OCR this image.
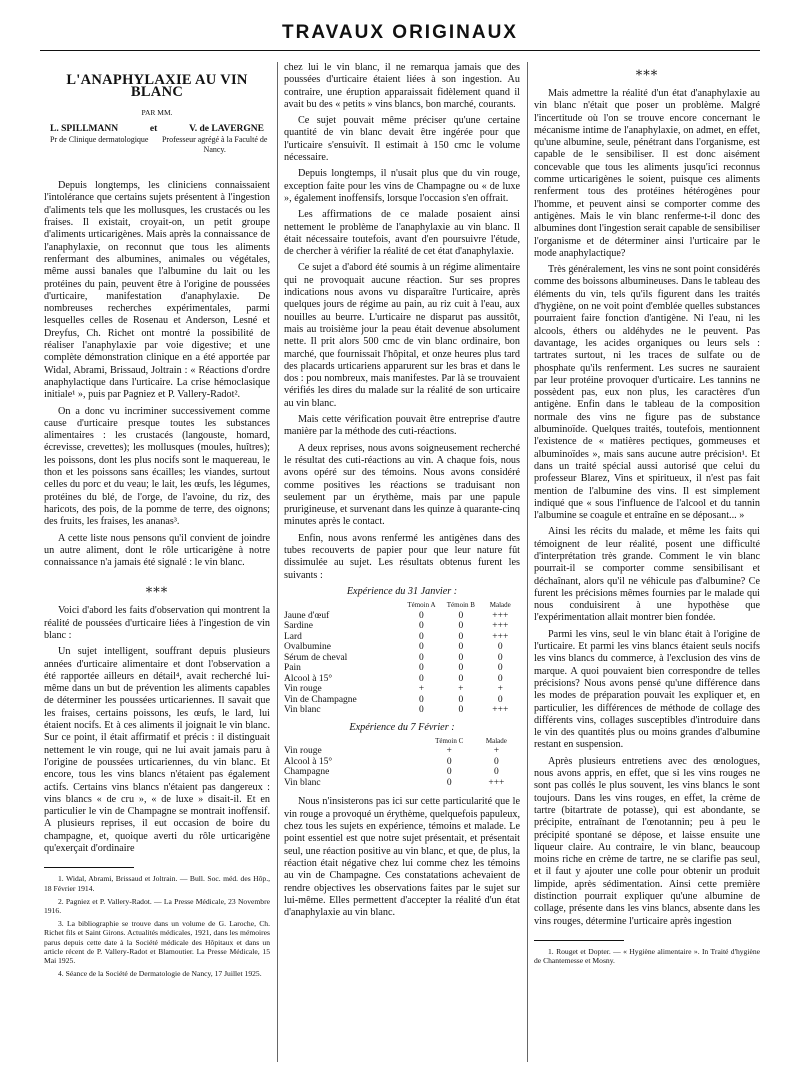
TRAVAUX ORIGINAUX
L'ANAPHYLAXIE AU VIN BLANC
PAR MM.
L. SPILLMANN	et	V. de LAVERGNE
Pr de Clinique dermatologique	Professeur agrégé à la Faculté de Nancy.

Depuis longtemps, les cliniciens connaissaient l'intolérance que certains sujets présentent à l'ingestion d'aliments tels que les mollusques, les crustacés ou les fraises. Il existait, croyait-on, un petit groupe d'aliments urticarigènes. Mais après la connaissance de l'anaphylaxie, on reconnut que tous les aliments renfermant des albumines, animales ou végétales, même aussi banales que l'albumine du lait ou les protéines du pain, peuvent être à l'origine de poussées d'urticaire, manifestation d'anaphylaxie. De nombreuses recherches expérimentales, parmi lesquelles celles de Rosenau et Anderson, Lesné et Dreyfus, Ch. Richet ont montré la possibilité de réaliser l'anaphylaxie par voie digestive; et une complète démonstration clinique en a été apportée par Widal, Abrami, Brissaud, Joltrain : « Réactions d'ordre anaphylactique dans l'urticaire. La crise hémoclasique initiale¹ », puis par Pagniez et P. Vallery-Radot².

On a donc vu incriminer successivement comme cause d'urticaire presque toutes les substances alimentaires : les crustacés (langouste, homard, écrevisse, crevettes); les mollusques (moules, huîtres); les poissons, dont les plus nocifs sont le maquereau, le thon et les poissons sans écailles; les viandes, surtout celles du porc et du veau; le lait, les œufs, les légumes, protéines du blé, de l'orge, de l'avoine, du riz, des haricots, des pois, de la pomme de terre, des oignons; des fruits, les fraises, les ananas³.

A cette liste nous pensons qu'il convient de joindre un autre aliment, dont le rôle urticarigène à notre connaissance n'a jamais été signalé : le vin blanc.

⁎⁎⁎

Voici d'abord les faits d'observation qui montrent la réalité de poussées d'urticaire liées à l'ingestion de vin blanc :

Un sujet intelligent, souffrant depuis plusieurs années d'urticaire alimentaire et dont l'observation a été rapportée ailleurs en détail⁴, avait recherché lui-même dans un but de prévention les aliments capables de déterminer les poussées urticariennes. Il savait que les fraises, certains poissons, les œufs, le lard, lui étaient nocifs. Et à ces aliments il joignait le vin blanc. Sur ce point, il était affirmatif et précis : il distinguait nettement le vin rouge, qui ne lui avait jamais paru à l'origine de poussées urticariennes, du vin blanc. Et encore, tous les vins blancs n'étaient pas également actifs. Certains vins blancs n'étaient pas dangereux : vins blancs « de cru », « de luxe » disait-il. Et en particulier le vin de Champagne se montrait inoffensif. A plusieurs reprises, il eut occasion de boire du champagne, et, quoique averti du rôle urticarigène qu'exerçait d'ordinaire

1. Widal, Abrami, Brissaud et Joltrain. — Bull. Soc. méd. des Hôp., 18 Février 1914.

2. Pagniez et P. Vallery-Radot. — La Presse Médicale, 23 Novembre 1916.

3. La bibliographie se trouve dans un volume de G. Laroche, Ch. Richet fils et Saint Girons. Actualités médicales, 1921, dans les mémoires parus depuis cette date à la Société médicale des Hôpitaux et dans un article récent de P. Vallery-Radot et Blamoutier. La Presse Médicale, 15 Mai 1925.

4. Séance de la Société de Dermatologie de Nancy, 17 Juillet 1925.

chez lui le vin blanc, il ne remarqua jamais que des poussées d'urticaire étaient liées à son ingestion. Au contraire, une éruption apparaissait fidèlement quand il avait bu des « petits » vins blancs, bon marché, courants.

Ce sujet pouvait même préciser qu'une certaine quantité de vin blanc devait être ingérée pour que l'urticaire s'ensuivît. Il estimait à 150 cmc le volume nécessaire.

Depuis longtemps, il n'usait plus que du vin rouge, exception faite pour les vins de Champagne ou « de luxe », également inoffensifs, lorsque l'occasion s'en offrait.

Les affirmations de ce malade posaient ainsi nettement le problème de l'anaphylaxie au vin blanc. Il était nécessaire toutefois, avant d'en poursuivre l'étude, de chercher à vérifier la réalité de cet état d'anaphylaxie.

Ce sujet a d'abord été soumis à un régime alimentaire qui ne provoquait aucune réaction. Sur ses propres indications nous avons vu disparaître l'urticaire, après quelques jours de régime au pain, au riz cuit à l'eau, aux nouilles au beurre. L'urticaire ne disparut pas aussitôt, mais au troisième jour la peau était devenue absolument nette. Il prit alors 500 cmc de vin blanc ordinaire, bon marché, que fournissait l'hôpital, et onze heures plus tard des placards urticariens apparurent sur les bras et dans le dos : pou nombreux, mais manifestes. Par là se trouvaient vérifiés les dires du malade sur la réalité de son urticaire au vin blanc.

Mais cette vérification pouvait être entreprise d'autre manière par la méthode des cuti-réactions.

A deux reprises, nous avons soigneusement recherché le résultat des cuti-réactions au vin. A chaque fois, nous avons opéré sur des témoins. Nous avons considéré comme positives les réactions se traduisant non seulement par un érythème, mais par une papule prurigineuse, et survenant dans les quinze à quarante-cinq minutes après le contact.

Enfin, nous avons renfermé les antigènes dans des tubes recouverts de papier pour que leur nature fût dissimulée au sujet. Les résultats obtenus furent les suivants :

Expérience du 31 Janvier :
	Témoin A	Témoin B	Malade
Jaune d'œuf	0	0	+++
Sardine	0	0	+++
Lard	0	0	+++
Ovalbumine	0	0	0
Sérum de cheval	0	0	0
Pain	0	0	0
Alcool à 15°	0	0	0
Vin rouge	+	+	+
Vin de Champagne	0	0	0
Vin blanc	0	0	+++
Expérience du 7 Février :
	Témoin C	Malade
Vin rouge	+	+
Alcool à 15°	0	0
Champagne	0	0
Vin blanc	0	+++

Nous n'insisterons pas ici sur cette particularité que le vin rouge a provoqué un érythème, quelquefois papuleux, chez tous les sujets en expérience, témoins et malade. Le point essentiel est que notre sujet présentait, et présentait seul, une réaction positive au vin blanc, et que, de plus, la réaction était négative chez lui comme chez les témoins au vin de Champagne. Ces constatations achevaient de rendre objectives les observations faites par le sujet sur lui-même. Elles permettent d'accepter la réalité d'un état d'anaphylaxie au vin blanc.

⁎⁎⁎

Mais admettre la réalité d'un état d'anaphylaxie au vin blanc n'était que poser un problème. Malgré l'incertitude où l'on se trouve encore concernant le mécanisme intime de l'anaphylaxie, on admet, en effet, qu'une albumine, seule, pénétrant dans l'organisme, est capable de le sensibiliser. Il est donc aisément concevable que tous les aliments jusqu'ici reconnus comme urticarigènes le soient, puisque ces aliments renferment tous des protéines hétérogènes pour l'homme, et peuvent ainsi se comporter comme des antigènes. Mais le vin blanc renferme-t-il donc des albumines dont l'ingestion serait capable de sensibiliser l'organisme et de déterminer ainsi l'urticaire par le mode anaphylactique?

Très généralement, les vins ne sont point considérés comme des boissons albumineuses. Dans le tableau des éléments du vin, tels qu'ils figurent dans les traités d'hygiène, on ne voit point d'emblée quelles substances pourraient faire fonction d'antigène. Ni l'eau, ni les alcools, éthers ou aldéhydes ne le peuvent. Pas davantage, les acides organiques ou leurs sels : tartrates surtout, ni les traces de sulfate ou de phosphate qu'ils renferment. Les sucres ne sauraient par leur protéine provoquer d'urticaire. Les tannins ne possèdent pas, eux non plus, les caractères d'un antigène. Enfin dans le tableau de la composition normale des vins ne figure pas de substance albuminoïde. Quelques traités, toutefois, mentionnent l'existence de « matières pectiques, gommeuses et albuminoïdes », mais sans aucune autre précision¹. Et dans un traité spécial aussi autorisé que celui du professeur Blarez, Vins et spiritueux, il n'est pas fait mention de l'albumine des vins. Il est simplement indiqué que « sous l'influence de l'alcool et du tannin l'albumine se coagule et entraîne en se déposant... »

Ainsi les récits du malade, et même les faits qui témoignent de leur réalité, posent une difficulté d'interprétation très grande. Comment le vin blanc pourrait-il se comporter comme sensibilisant et déchaînant, alors qu'il ne véhicule pas d'albumine? Ce furent les précisions mêmes fournies par le malade qui nous conduisirent à une hypothèse que l'expérimentation allait montrer bien fondée.

Parmi les vins, seul le vin blanc était à l'origine de l'urticaire. Et parmi les vins blancs étaient seuls nocifs les vins blancs du commerce, à l'exclusion des vins de marque. A quoi pouvaient bien correspondre de telles précisions? Nous avons pensé qu'une différence dans les modes de préparation pouvait les expliquer et, en particulier, les différences de méthode de collage des différents vins, collages susceptibles d'introduire dans le vin des quantités plus ou moins grandes d'albumine restant en suspension.

Après plusieurs entretiens avec des œnologues, nous avons appris, en effet, que si les vins rouges ne sont pas collés le plus souvent, les vins blancs le sont toujours. Dans les vins rouges, en effet, la crème de tartre (bitartrate de potasse), qui est abondante, se précipite, entraînant de l'œnotannin; peu à peu le précipité spontané se dépose, et laisse ensuite une liqueur claire. Au contraire, le vin blanc, beaucoup moins riche en crème de tartre, ne se clarifie pas seul, et il faut y ajouter une colle pour obtenir un produit limpide, après sédimentation. Ainsi cette première distinction pourrait expliquer qu'une albumine de collage, présente dans les vins blancs, absente dans les vins rouges, détermine l'urticaire après ingestion

1. Rouget et Dopter. — « Hygiène alimentaire ». In Traité d'hygiène de Chantemesse et Mosny.
